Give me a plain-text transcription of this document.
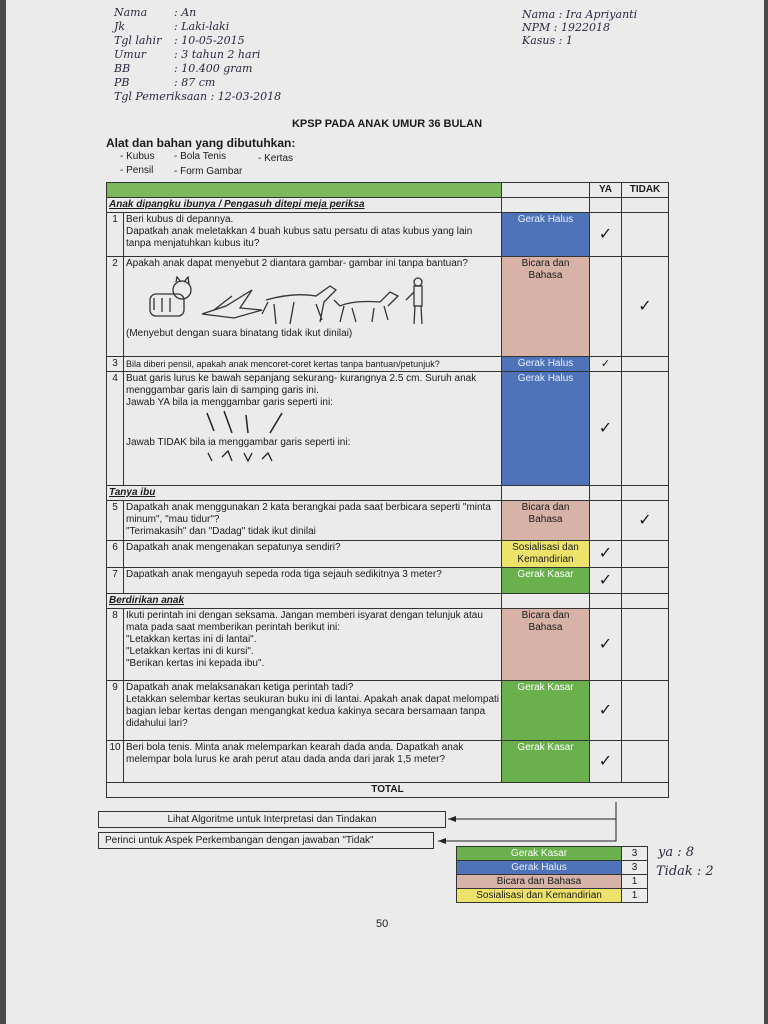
Nama : An
Jk	: Laki-laki
Tgl lahir : 10-05-2015
Umur	: 3 tahun 2 hari
BB	: 10.400 gram
PB	: 87 cm
Tgl Pemeriksaan : 12-03-2018
Nama : Ira Apriyanti
NPM : 1922018
Kasus : 1
KPSP PADA ANAK UMUR 36 BULAN
Alat dan bahan yang dibutuhkan:
- Kubus - Bola Tenis	- Kertas
- Pensil - Form Gambar
			YA	TIDAK
Anak dipangku ibunya / Pengasuh ditepi meja periksa				
1	Beri kubus di depannya.
Dapatkah anak meletakkan 4 buah kubus satu persatu di atas kubus yang lain tanpa menjatuhkan kubus itu?	Gerak Halus	✓	
2	Apakah anak dapat menyebut 2 diantara gambar- gambar ini tanpa bantuan?
(Menyebut dengan suara binatang tidak ikut dinilai)	Bicara dan Bahasa		✓
3	Bila diberi pensil, apakah anak mencoret-coret kertas tanpa bantuan/petunjuk?	Gerak Halus	✓	
4	Buat garis lurus ke bawah sepanjang sekurang- kurangnya 2.5 cm. Suruh anak menggambar garis lain di samping garis ini.
Jawab YA bila ia menggambar garis seperti ini:
Jawab TIDAK bila ia menggambar garis seperti ini:	Gerak Halus	✓	
Tanya ibu				
5	Dapatkah anak menggunakan 2 kata berangkai pada saat berbicara seperti "minta minum", "mau tidur"?
"Terimakasih" dan "Dadag" tidak ikut dinilai	Bicara dan Bahasa		✓
6	Dapatkah anak mengenakan sepatunya sendiri?	Sosialisasi dan Kemandirian	✓	
7	Dapatkah anak mengayuh sepeda roda tiga sejauh sedikitnya 3 meter?	Gerak Kasar	✓	
Berdirikan anak				
8	Ikuti perintah ini dengan seksama. Jangan memberi isyarat dengan telunjuk atau mata pada saat memberikan perintah berikut ini:
"Letakkan kertas ini di lantai".
"Letakkan kertas ini di kursi".
"Berikan kertas ini kepada ibu".	Bicara dan Bahasa	✓	
9	Dapatkah anak melaksanakan ketiga perintah tadi?
Letakkan selembar kertas seukuran buku ini di lantai. Apakah anak dapat melompati bagian lebar kertas dengan mengangkat kedua kakinya secara bersamaan tanpa didahului lari?	Gerak Kasar	✓	
10	Beri bola tenis. Minta anak melemparkan kearah dada anda. Dapatkah anak melempar bola lurus ke arah perut atau dada anda dari jarak 1,5 meter?	Gerak Kasar	✓	
TOTAL				
Lihat Algoritme untuk Interpretasi dan Tindakan
Perinci untuk Aspek Perkembangan dengan jawaban "Tidak"
Gerak Kasar	3
Gerak Halus	3
Bicara dan Bahasa	1
Sosialisasi dan Kemandirian	1
ya : 8
Tidak : 2
50
